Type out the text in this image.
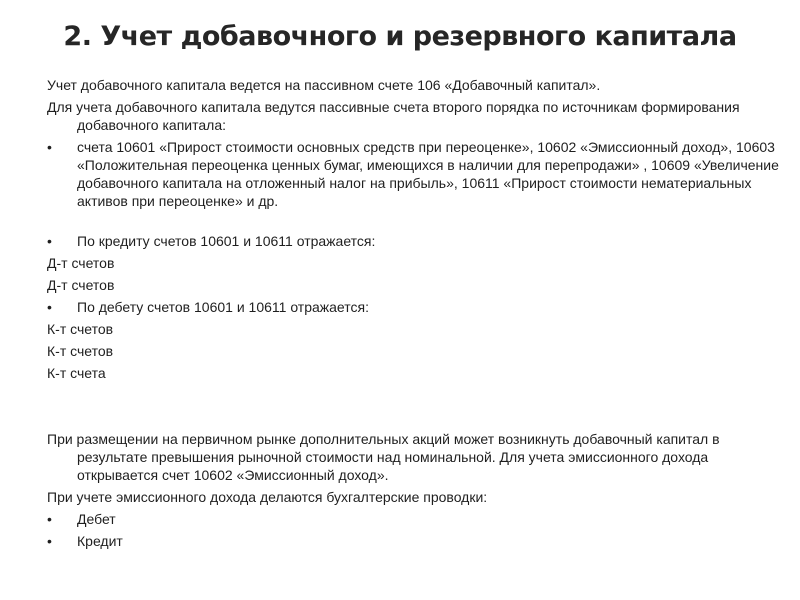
2. Учет добавочного и резервного капитала
Учет добавочного капитала ведется на пассивном счете 106 «Добавочный капитал».
Для учета добавочного капитала ведутся пассивные счета второго порядка по источникам формирования добавочного капитала:
• счета 10601 «Прирост стоимости основных средств при переоценке», 10602 «Эмиссионный доход», 10603 «Положительная переоценка ценных бумаг, имеющихся в наличии для перепродажи» , 10609 «Увеличение добавочного капитала на отложенный налог на прибыль», 10611 «Прирост стоимости нематериальных активов при переоценке» и др.
• По кредиту счетов 10601 и 10611 отражается:
Д-т счетов
Д-т счетов
• По дебету счетов 10601 и 10611 отражается:
К-т счетов
К-т счетов
К-т счета
При размещении на первичном рынке дополнительных акций может возникнуть добавочный капитал в результате превышения рыночной стоимости над номинальной. Для учета эмиссионного дохода открывается счет 10602 «Эмиссионный доход».
При учете эмиссионного дохода делаются бухгалтерские проводки:
• Дебет
• Кредит
